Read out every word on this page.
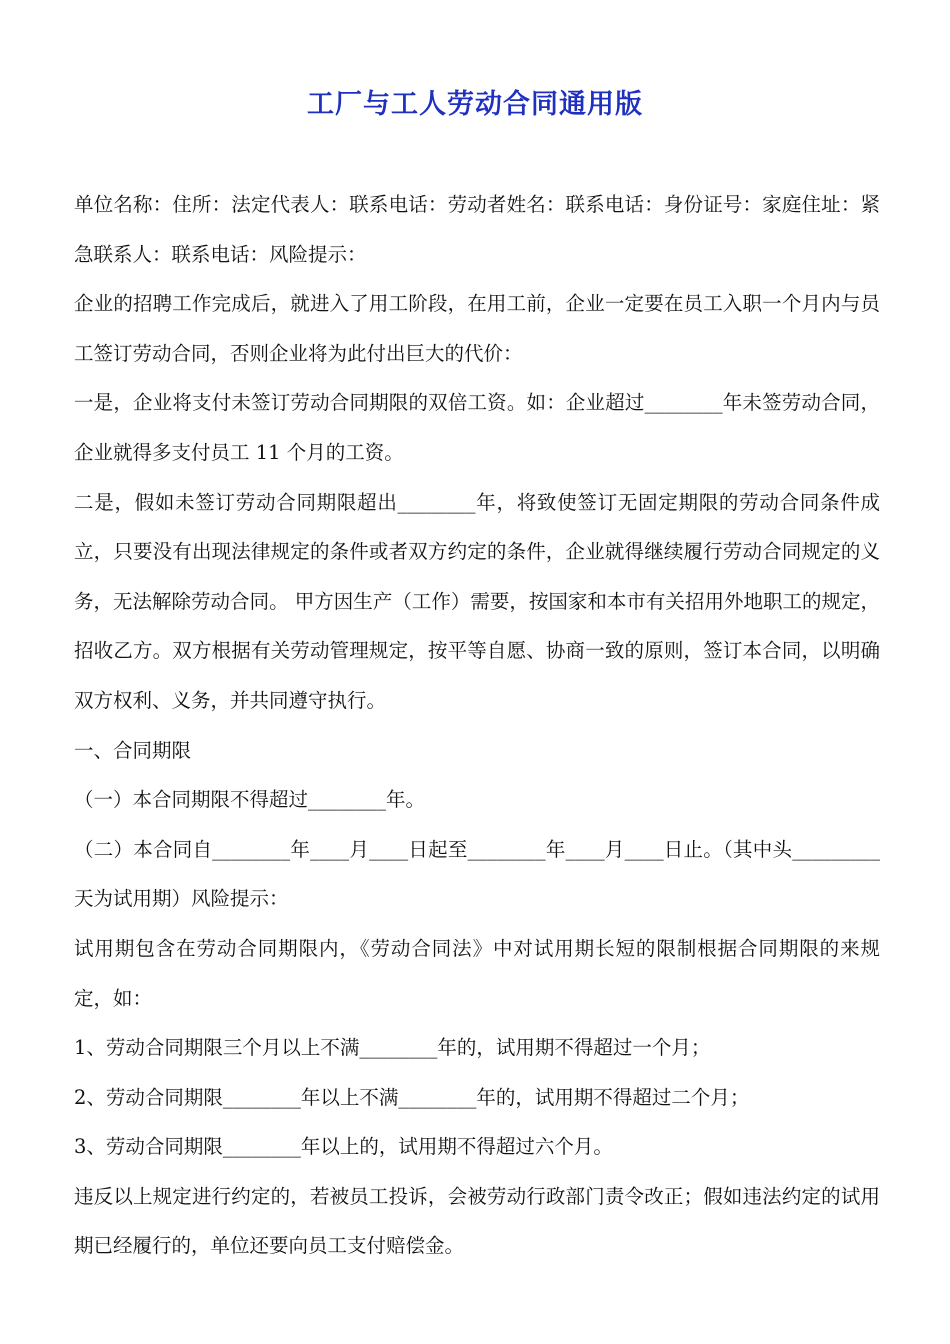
工厂与工人劳动合同通用版

单位名称：住所：法定代表人：联系电话：劳动者姓名：联系电话：身份证号：家庭住址：紧急联系人：联系电话：风险提示：

企业的招聘工作完成后，就进入了用工阶段，在用工前，企业一定要在员工入职一个月内与员工签订劳动合同，否则企业将为此付出巨大的代价：

一是，企业将支付未签订劳动合同期限的双倍工资。如：企业超过________年未签劳动合同，企业就得多支付员工 11 个月的工资。

二是，假如未签订劳动合同期限超出________年，将致使签订无固定期限的劳动合同条件成立，只要没有出现法律规定的条件或者双方约定的条件，企业就得继续履行劳动合同规定的义务，无法解除劳动合同。 甲方因生产（工作）需要，按国家和本市有关招用外地职工的规定，招收乙方。双方根据有关劳动管理规定，按平等自愿、协商一致的原则，签订本合同，以明确双方权利、义务，并共同遵守执行。

一、合同期限

（一）本合同期限不得超过________年。

（二）本合同自________年____月____日起至________年____月____日止。（其中头_________天为试用期）风险提示：

试用期包含在劳动合同期限内，《劳动合同法》中对试用期长短的限制根据合同期限的来规定，如：

1、劳动合同期限三个月以上不满________年的，试用期不得超过一个月；

2、劳动合同期限________年以上不满________年的，试用期不得超过二个月；

3、劳动合同期限________年以上的，试用期不得超过六个月。

违反以上规定进行约定的，若被员工投诉，会被劳动行政部门责令改正；假如违法约定的试用期已经履行的，单位还要向员工支付赔偿金。
